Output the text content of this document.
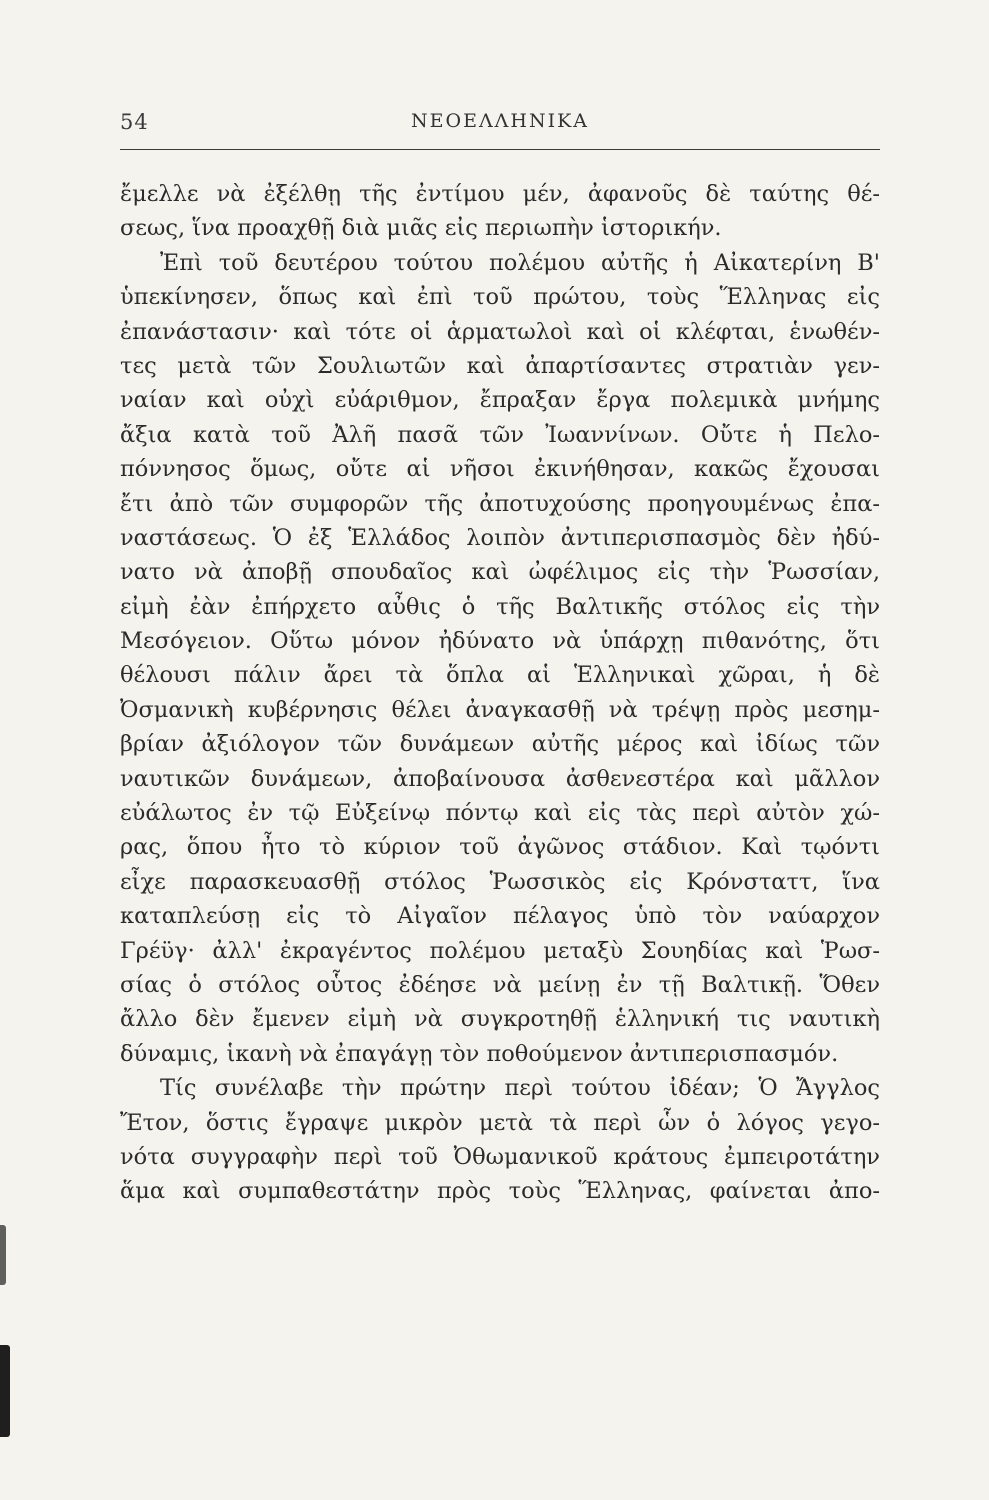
54	ΝΕΟΕΛΛΗΝΙΚΑ
ἔμελλε νὰ ἐξέλθῃ τῆς ἐντίμου μέν, ἀφανοῦς δὲ ταύτης θέ-
σεως, ἵνα προαχθῇ διὰ μιᾶς εἰς περιωπὴν ἱστορικήν.
Ἐπὶ τοῦ δευτέρου τούτου πολέμου αὐτῆς ἡ Αἰκατερίνη Β'
ὑπεκίνησεν, ὅπως καὶ ἐπὶ τοῦ πρώτου, τοὺς Ἕλληνας εἰς
ἐπανάστασιν· καὶ τότε οἱ ἁρματωλοὶ καὶ οἱ κλέφται, ἑνωθέν-
τες μετὰ τῶν Σουλιωτῶν καὶ ἀπαρτίσαντες στρατιὰν γεν-
ναίαν καὶ οὐχὶ εὐάριθμον, ἔπραξαν ἔργα πολεμικὰ μνήμης
ἄξια κατὰ τοῦ Ἀλῆ πασᾶ τῶν Ἰωαννίνων. Οὔτε ἡ Πελο-
πόννησος ὅμως, οὔτε αἱ νῆσοι ἐκινήθησαν, κακῶς ἔχουσαι
ἔτι ἀπὸ τῶν συμφορῶν τῆς ἀποτυχούσης προηγουμένως ἐπα-
ναστάσεως. Ὁ ἐξ Ἑλλάδος λοιπὸν ἀντιπερισπασμὸς δὲν ἠδύ-
νατο νὰ ἀποβῇ σπουδαῖος καὶ ὠφέλιμος εἰς τὴν Ῥωσσίαν,
εἰμὴ ἐὰν ἐπήρχετο αὖθις ὁ τῆς Βαλτικῆς στόλος εἰς τὴν
Μεσόγειον. Οὕτω μόνον ἠδύνατο νὰ ὑπάρχῃ πιθανότης, ὅτι
θέλουσι πάλιν ἄρει τὰ ὅπλα αἱ Ἑλληνικαὶ χῶραι, ἡ δὲ
Ὀσμανικὴ κυβέρνησις θέλει ἀναγκασθῇ νὰ τρέψῃ πρὸς μεσημ-
βρίαν ἀξιόλογον τῶν δυνάμεων αὐτῆς μέρος καὶ ἰδίως τῶν
ναυτικῶν δυνάμεων, ἀποβαίνουσα ἀσθενεστέρα καὶ μᾶλλον
εὐάλωτος ἐν τῷ Εὐξείνῳ πόντῳ καὶ εἰς τὰς περὶ αὐτὸν χώ-
ρας, ὅπου ἦτο τὸ κύριον τοῦ ἀγῶνος στάδιον. Καὶ τῳόντι
εἶχε παρασκευασθῇ στόλος Ῥωσσικὸς εἰς Κρόνσταττ, ἵνα
καταπλεύσῃ εἰς τὸ Αἰγαῖον πέλαγος ὑπὸ τὸν ναύαρχον
Γρέϋγ· ἀλλ' ἐκραγέντος πολέμου μεταξὺ Σουηδίας καὶ Ῥωσ-
σίας ὁ στόλος οὗτος ἐδέησε νὰ μείνῃ ἐν τῇ Βαλτικῇ. Ὅθεν
ἄλλο δὲν ἔμενεν εἰμὴ νὰ συγκροτηθῇ ἑλληνική τις ναυτικὴ
δύναμις, ἱκανὴ νὰ ἐπαγάγῃ τὸν ποθούμενον ἀντιπερισπασμόν.
Τίς συνέλαβε τὴν πρώτην περὶ τούτου ἰδέαν; Ὁ Ἄγγλος
Ἔτον, ὅστις ἔγραψε μικρὸν μετὰ τὰ περὶ ὧν ὁ λόγος γεγο-
νότα συγγραφὴν περὶ τοῦ Ὀθωμανικοῦ κράτους ἐμπειροτάτην
ἅμα καὶ συμπαθεστάτην πρὸς τοὺς Ἕλληνας, φαίνεται ἀπο-
